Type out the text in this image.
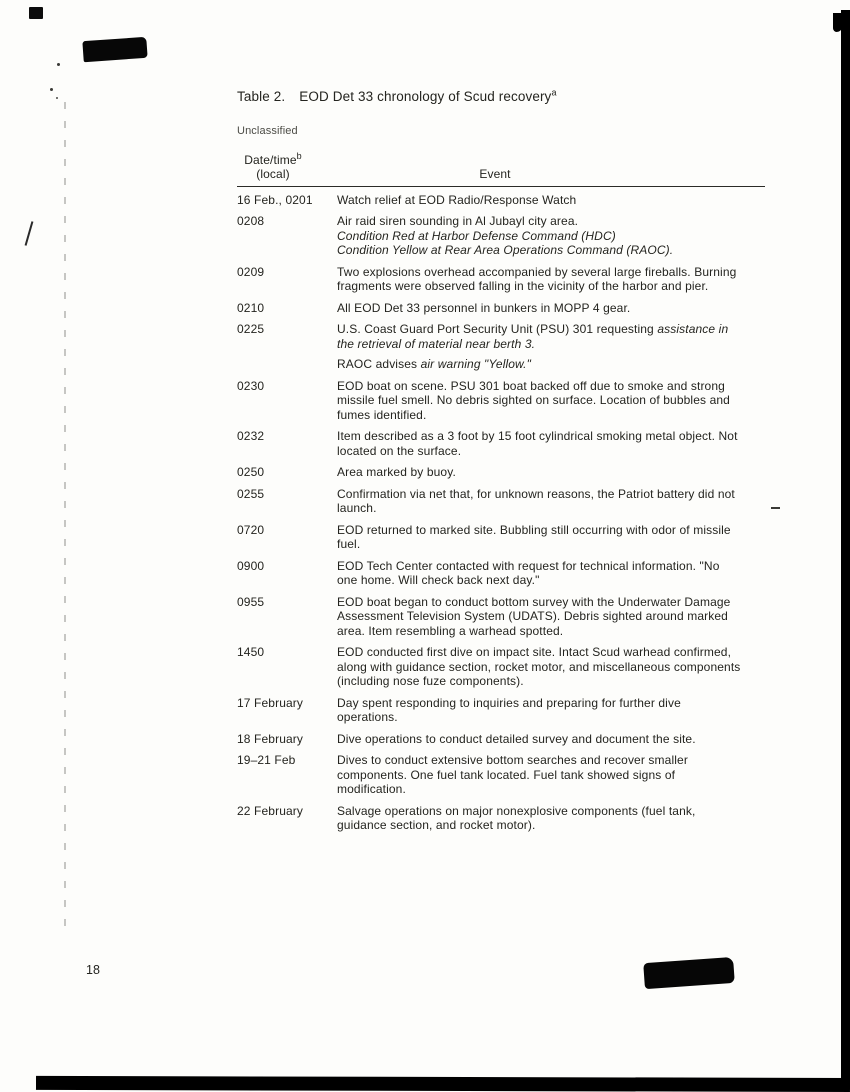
Table 2. EOD Det 33 chronology of Scud recovery$^a$
Unclassified
Date/time$^b$
(local)	Event
16 Feb., 0201	Watch relief at EOD Radio/Response Watch
0208	Air raid siren sounding in Al Jubayl city area.
Condition Red at Harbor Defense Command (HDC)
Condition Yellow at Rear Area Operations Command (RAOC).
0209	Two explosions overhead accompanied by several large fireballs. Burning fragments were observed falling in the vicinity of the harbor and pier.
0210	All EOD Det 33 personnel in bunkers in MOPP 4 gear.
0225	U.S. Coast Guard Port Security Unit (PSU) 301 requesting assistance in the retrieval of material near berth 3.
RAOC advises air warning "Yellow."
0230	EOD boat on scene. PSU 301 boat backed off due to smoke and strong missile fuel smell. No debris sighted on surface. Location of bubbles and fumes identified.
0232	Item described as a 3 foot by 15 foot cylindrical smoking metal object. Not located on the surface.
0250	Area marked by buoy.
0255	Confirmation via net that, for unknown reasons, the Patriot battery did not launch.
0720	EOD returned to marked site. Bubbling still occurring with odor of missile fuel.
0900	EOD Tech Center contacted with request for technical information. "No one home. Will check back next day."
0955	EOD boat began to conduct bottom survey with the Underwater Damage Assessment Television System (UDATS). Debris sighted around marked area. Item resembling a warhead spotted.
1450	EOD conducted first dive on impact site. Intact Scud warhead confirmed, along with guidance section, rocket motor, and miscellaneous components (including nose fuze components).
17 February	Day spent responding to inquiries and preparing for further dive operations.
18 February	Dive operations to conduct detailed survey and document the site.
19–21 Feb	Dives to conduct extensive bottom searches and recover smaller components. One fuel tank located. Fuel tank showed signs of modification.
22 February	Salvage operations on major nonexplosive components (fuel tank, guidance section, and rocket motor).
18
